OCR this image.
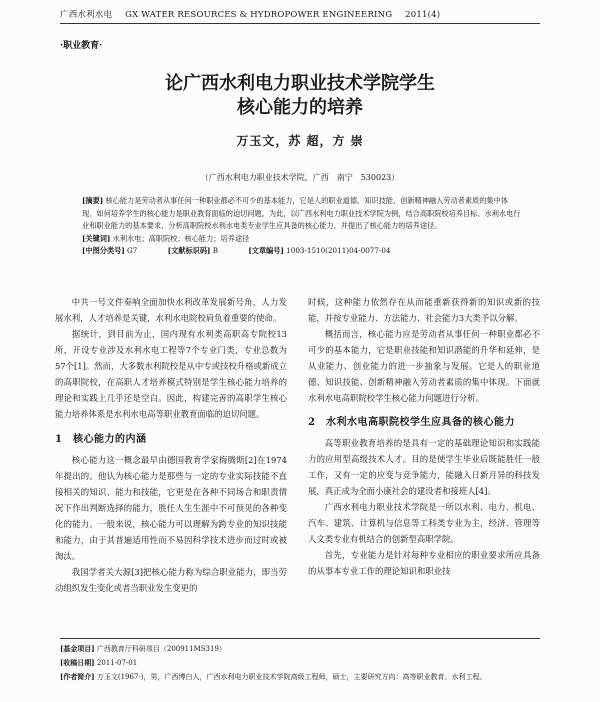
广西水利水电 GX WATER RESOURCES & HYDROPOWER ENGINEERING 2011(4)
·职业教育·
论广西水利电力职业技术学院学生
核心能力的培养
万玉文，苏 超，方 崇
（广西水利电力职业技术学院，广西　南宁　530023）

[摘要] 核心能力是劳动者从事任何一种职业都必不可少的基本能力，它是人的职业道德、知识技能、创新精神融入劳动者素质的集中体现。如何培养学生的核心能力是职业教育面临的迫切问题。为此，以广西水利电力职业技术学院为例，结合高职院校培养目标、水利水电行业和职业能力的基本要求，分析高职院校水利水电类专业学生应具备的核心能力，并提出了核心能力的培养途径。

[关键词] 水利水电；高职院校；核心能力；培养途径

[中图分类号] G7	[文献标识码] B	[文章编号] 1003-1510(2011)04-0077-04

中共一号文件奏响全面加快水利改革发展新号角，人力发展水利，人才培养是关键，水利水电院校肩负着重要的使命。

据统计，到目前为止，国内现有水利类高职高专院校13所，开设专业涉及水利水电工程等7个专业门类，专业总数为57个[1]。然而，大多数水利院校是从中专或技校升格或新成立的高职院校，在高职人才培养模式特别是学生核心能力培养的理论和实践上几乎还是空白。因此，构建完善的高职学生核心能力培养体系是水利水电高等职业教育面临的迫切问题。

1　核心能力的内涵

核心能力这一概念最早由德国教育学家梅腾斯[2]在1974年提出的。他认为核心能力是那些与一定的专业实际技能不直接相关的知识、能力和技能，它更是在各种不同场合和职责情况下作出判断选择的能力，胜任人生生涯中不可预见的各种变化的能力。一般来说，核心能力可以理解为跨专业的知识技能和能力，由于其普遍适用性而不易因科学技术进步而过时或被淘汰。

我国学者关大源[3]把核心能力称为综合职业能力，即当劳动组织发生变化或者当职业发生变更的

时候，这种能力依然存在从而能重新获得新的知识或新的技能，并按专业能力、方法能力、社会能力3大类予以分解。

概括而言，核心能力应是劳动者从事任何一种职业都必不可少的基本能力，它是职业技能和知识潜能的升华和延伸，是从业能力、创业能力的进一步抽象与发展。它是人的职业道德、知识技能、创新精神融入劳动者素质的集中体现。下面就水利水电高职院校学生核心能力问题进行分析。

2　水利水电高职院校学生应具备的核心能力

高等职业教育培养的是具有一定的基础理论知识和实践能力的应用型高级技术人才。目的是使学生毕业后既能胜任一般工作，又有一定的应变与竞争能力，能融入日新月异的科技发展，真正成为全面小康社会的建设者和接班人[4]。

广西水利电力职业技术学院是一所以水利、电力、机电、汽车、建筑、计算机与信息等工科类专业为主，经济、管理等人文类专业有机结合的创新型高职学院。

首先，专业能力是针对每种专业相应的职业要求所应具备的从事本专业工作的理论知识和职业技

[基金项目] 广西教育厅科研项目（200911MS319）

[收稿日期] 2011-07-01

[作者简介] 万玉文(1967-)，男，广西博白人，广西水利电力职业技术学院高级工程师，硕士，主要研究方向：高等职业教育、水利工程。
